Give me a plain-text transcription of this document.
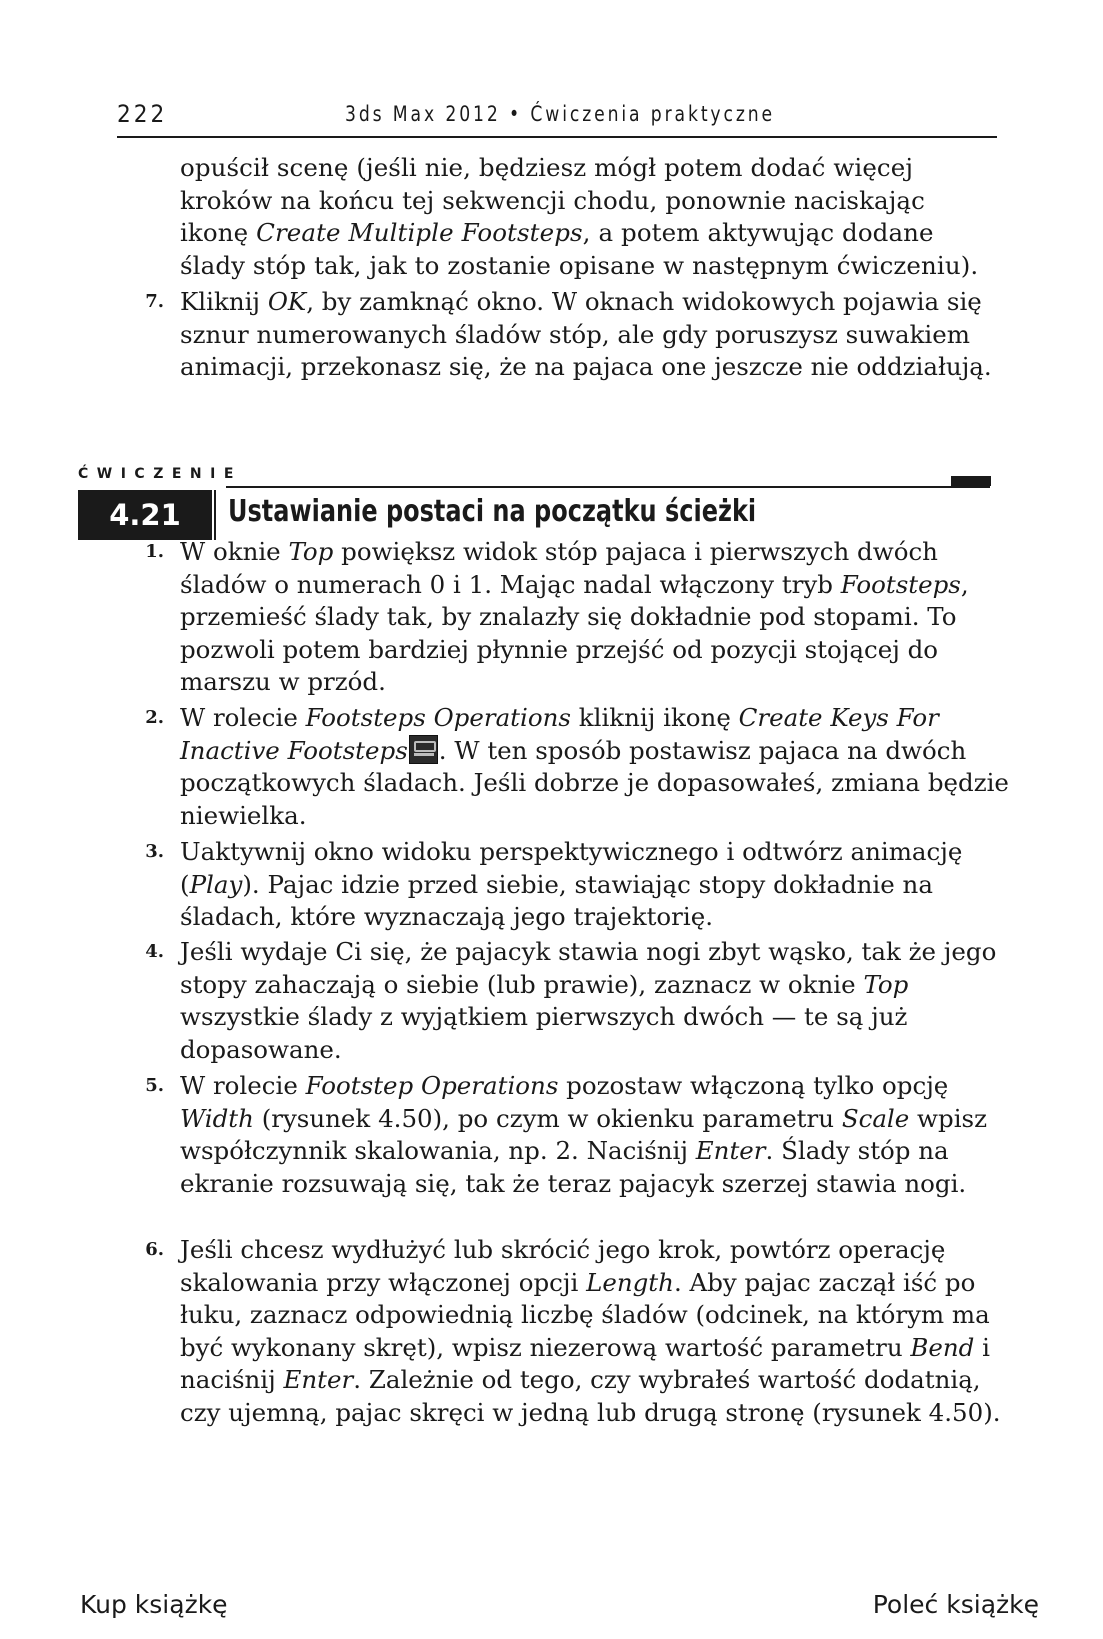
222	3ds Max 2012 • Ćwiczenia praktyczne

opuścił scenę (jeśli nie, będziesz mógł potem dodać więcej

kroków na końcu tej sekwencji chodu, ponownie naciskając

ikonę Create Multiple Footsteps, a potem aktywując dodane

ślady stóp tak, jak to zostanie opisane w następnym ćwiczeniu).

7. Kliknij OK, by zamknąć okno. W oknach widokowych pojawia się sznur numerowanych śladów stóp, ale gdy poruszysz suwakiem animacji, przekonasz się, że na pajaca one jeszcze nie oddziałują.
ĆWICZENIE
4.21	Ustawianie postaci na początku ścieżki
1. W oknie Top powiększ widok stóp pajaca i pierwszych dwóch śladów o numerach 0 i 1. Mając nadal włączony tryb Footsteps, przemieść ślady tak, by znalazły się dokładnie pod stopami. To pozwoli potem bardziej płynnie przejść od pozycji stojącej do marszu w przód.
2. W rolecie Footsteps Operations kliknij ikonę Create Keys For Inactive Footsteps . W ten sposób postawisz pajaca na dwóch początkowych śladach. Jeśli dobrze je dopasowałeś, zmiana będzie niewielka.
3. Uaktywnij okno widoku perspektywicznego i odtwórz animację (Play). Pajac idzie przed siebie, stawiając stopy dokładnie na śladach, które wyznaczają jego trajektorię.
4. Jeśli wydaje Ci się, że pajacyk stawia nogi zbyt wąsko, tak że jego stopy zahaczają o siebie (lub prawie), zaznacz w oknie Top wszystkie ślady z wyjątkiem pierwszych dwóch — te są już dopasowane.
5. W rolecie Footstep Operations pozostaw włączoną tylko opcję Width (rysunek 4.50), po czym w okienku parametru Scale wpisz współczynnik skalowania, np. 2. Naciśnij Enter. Ślady stóp na ekranie rozsuwają się, tak że teraz pajacyk szerzej stawia nogi.
6. Jeśli chcesz wydłużyć lub skrócić jego krok, powtórz operację skalowania przy włączonej opcji Length. Aby pajac zaczął iść po łuku, zaznacz odpowiednią liczbę śladów (odcinek, na którym ma być wykonany skręt), wpisz niezerową wartość parametru Bend i naciśnij Enter. Zależnie od tego, czy wybrałeś wartość dodatnią, czy ujemną, pajac skręci w jedną lub drugą stronę (rysunek 4.50).
Kup książkę	Poleć książkę
